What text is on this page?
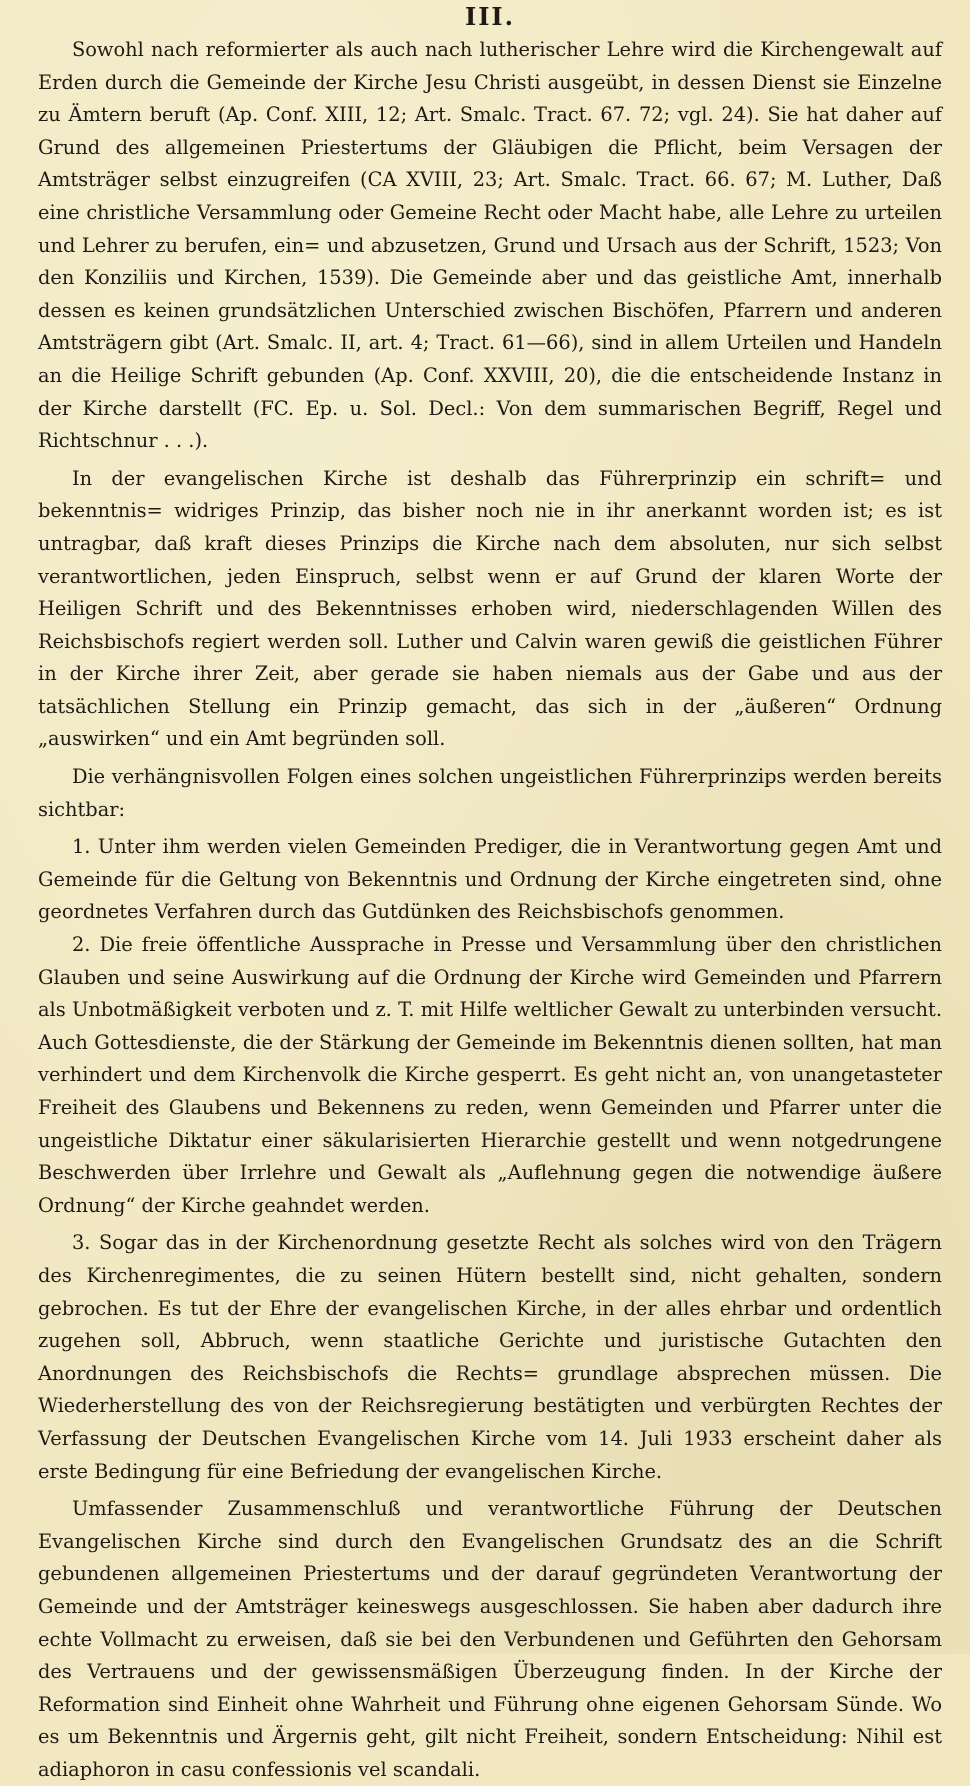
III.

Sowohl nach reformierter als auch nach lutherischer Lehre wird die Kirchengewalt auf Erden durch die Gemeinde der Kirche Jesu Christi ausgeübt, in dessen Dienst sie Einzelne zu Ämtern beruft (Ap. Conf. XIII, 12; Art. Smalc. Tract. 67. 72; vgl. 24). Sie hat daher auf Grund des allgemeinen Priestertums der Gläubigen die Pflicht, beim Versagen der Amtsträger selbst einzugreifen (CA XVIII, 23; Art. Smalc. Tract. 66. 67; M. Luther, Daß eine christliche Versammlung oder Gemeine Recht oder Macht habe, alle Lehre zu urteilen und Lehrer zu berufen, ein= und abzusetzen, Grund und Ursach aus der Schrift, 1523; Von den Konziliis und Kirchen, 1539). Die Gemeinde aber und das geistliche Amt, innerhalb dessen es keinen grundsätzlichen Unterschied zwischen Bischöfen, Pfarrern und anderen Amtsträgern gibt (Art. Smalc. II, art. 4; Tract. 61—66), sind in allem Urteilen und Handeln an die Heilige Schrift gebunden (Ap. Conf. XXVIII, 20), die die entscheidende Instanz in der Kirche darstellt (FC. Ep. u. Sol. Decl.: Von dem summarischen Begriff, Regel und Richtschnur . . .).

In der evangelischen Kirche ist deshalb das Führerprinzip ein schrift= und bekenntnis= widriges Prinzip, das bisher noch nie in ihr anerkannt worden ist; es ist untragbar, daß kraft dieses Prinzips die Kirche nach dem absoluten, nur sich selbst verantwortlichen, jeden Einspruch, selbst wenn er auf Grund der klaren Worte der Heiligen Schrift und des Bekenntnisses erhoben wird, niederschlagenden Willen des Reichsbischofs regiert werden soll. Luther und Calvin waren gewiß die geistlichen Führer in der Kirche ihrer Zeit, aber gerade sie haben niemals aus der Gabe und aus der tatsächlichen Stellung ein Prinzip gemacht, das sich in der „äußeren“ Ordnung „auswirken“ und ein Amt begründen soll.

Die verhängnisvollen Folgen eines solchen ungeistlichen Führerprinzips werden bereits sichtbar:

1. Unter ihm werden vielen Gemeinden Prediger, die in Verantwortung gegen Amt und Gemeinde für die Geltung von Bekenntnis und Ordnung der Kirche eingetreten sind, ohne geordnetes Verfahren durch das Gutdünken des Reichsbischofs genommen.

2. Die freie öffentliche Aussprache in Presse und Versammlung über den christlichen Glauben und seine Auswirkung auf die Ordnung der Kirche wird Gemeinden und Pfarrern als Unbotmäßigkeit verboten und z. T. mit Hilfe weltlicher Gewalt zu unterbinden versucht. Auch Gottesdienste, die der Stärkung der Gemeinde im Bekenntnis dienen sollten, hat man verhindert und dem Kirchenvolk die Kirche gesperrt. Es geht nicht an, von unangetasteter Freiheit des Glaubens und Bekennens zu reden, wenn Gemeinden und Pfarrer unter die ungeistliche Diktatur einer säkularisierten Hierarchie gestellt und wenn notgedrungene Beschwerden über Irrlehre und Gewalt als „Auflehnung gegen die notwendige äußere Ordnung“ der Kirche geahndet werden.

3. Sogar das in der Kirchenordnung gesetzte Recht als solches wird von den Trägern des Kirchenregimentes, die zu seinen Hütern bestellt sind, nicht gehalten, sondern gebrochen. Es tut der Ehre der evangelischen Kirche, in der alles ehrbar und ordentlich zugehen soll, Abbruch, wenn staatliche Gerichte und juristische Gutachten den Anordnungen des Reichsbischofs die Rechts= grundlage absprechen müssen. Die Wiederherstellung des von der Reichsregierung bestätigten und verbürgten Rechtes der Verfassung der Deutschen Evangelischen Kirche vom 14. Juli 1933 erscheint daher als erste Bedingung für eine Befriedung der evangelischen Kirche.

Umfassender Zusammenschluß und verantwortliche Führung der Deutschen Evangelischen Kirche sind durch den Evangelischen Grundsatz des an die Schrift gebundenen allgemeinen Priestertums und der darauf gegründeten Verantwortung der Gemeinde und der Amtsträger keineswegs ausgeschlossen. Sie haben aber dadurch ihre echte Vollmacht zu erweisen, daß sie bei den Verbundenen und Geführten den Gehorsam des Vertrauens und der gewissensmäßigen Überzeugung finden. In der Kirche der Reformation sind Einheit ohne Wahrheit und Führung ohne eigenen Gehorsam Sünde. Wo es um Bekenntnis und Ärgernis geht, gilt nicht Freiheit, sondern Entscheidung: Nihil est adiaphoron in casu confessionis vel scandali.
